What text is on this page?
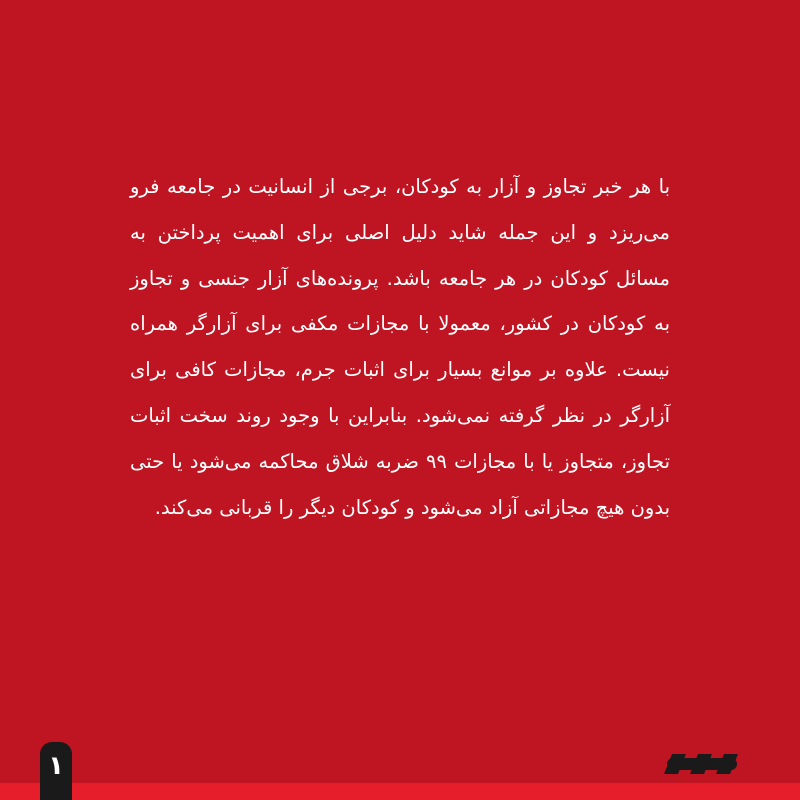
با هر خبر تجاوز و آزار به کودکان، برجی از انسانیت در جامعه فرو می‌ریزد و این جمله شاید دلیل اصلی برای اهمیت پرداختن به مسائل کودکان در هر جامعه باشد. پرونده‌های آزار جنسی و تجاوز به کودکان در کشور، معمولا با مجازات مکفی برای آزارگر همراه نیست. علاوه بر موانع بسیار برای اثبات جرم، مجازات کافی برای آزارگر در نظر گرفته نمی‌شود. بنابراین با وجود روند سخت اثبات تجاوز، متجاوز یا با مجازات ۹۹ ضربه شلاق محاکمه می‌شود یا حتی بدون هیچ مجازاتی آزاد می‌شود و کودکان دیگر را قربانی می‌کند.
۱
